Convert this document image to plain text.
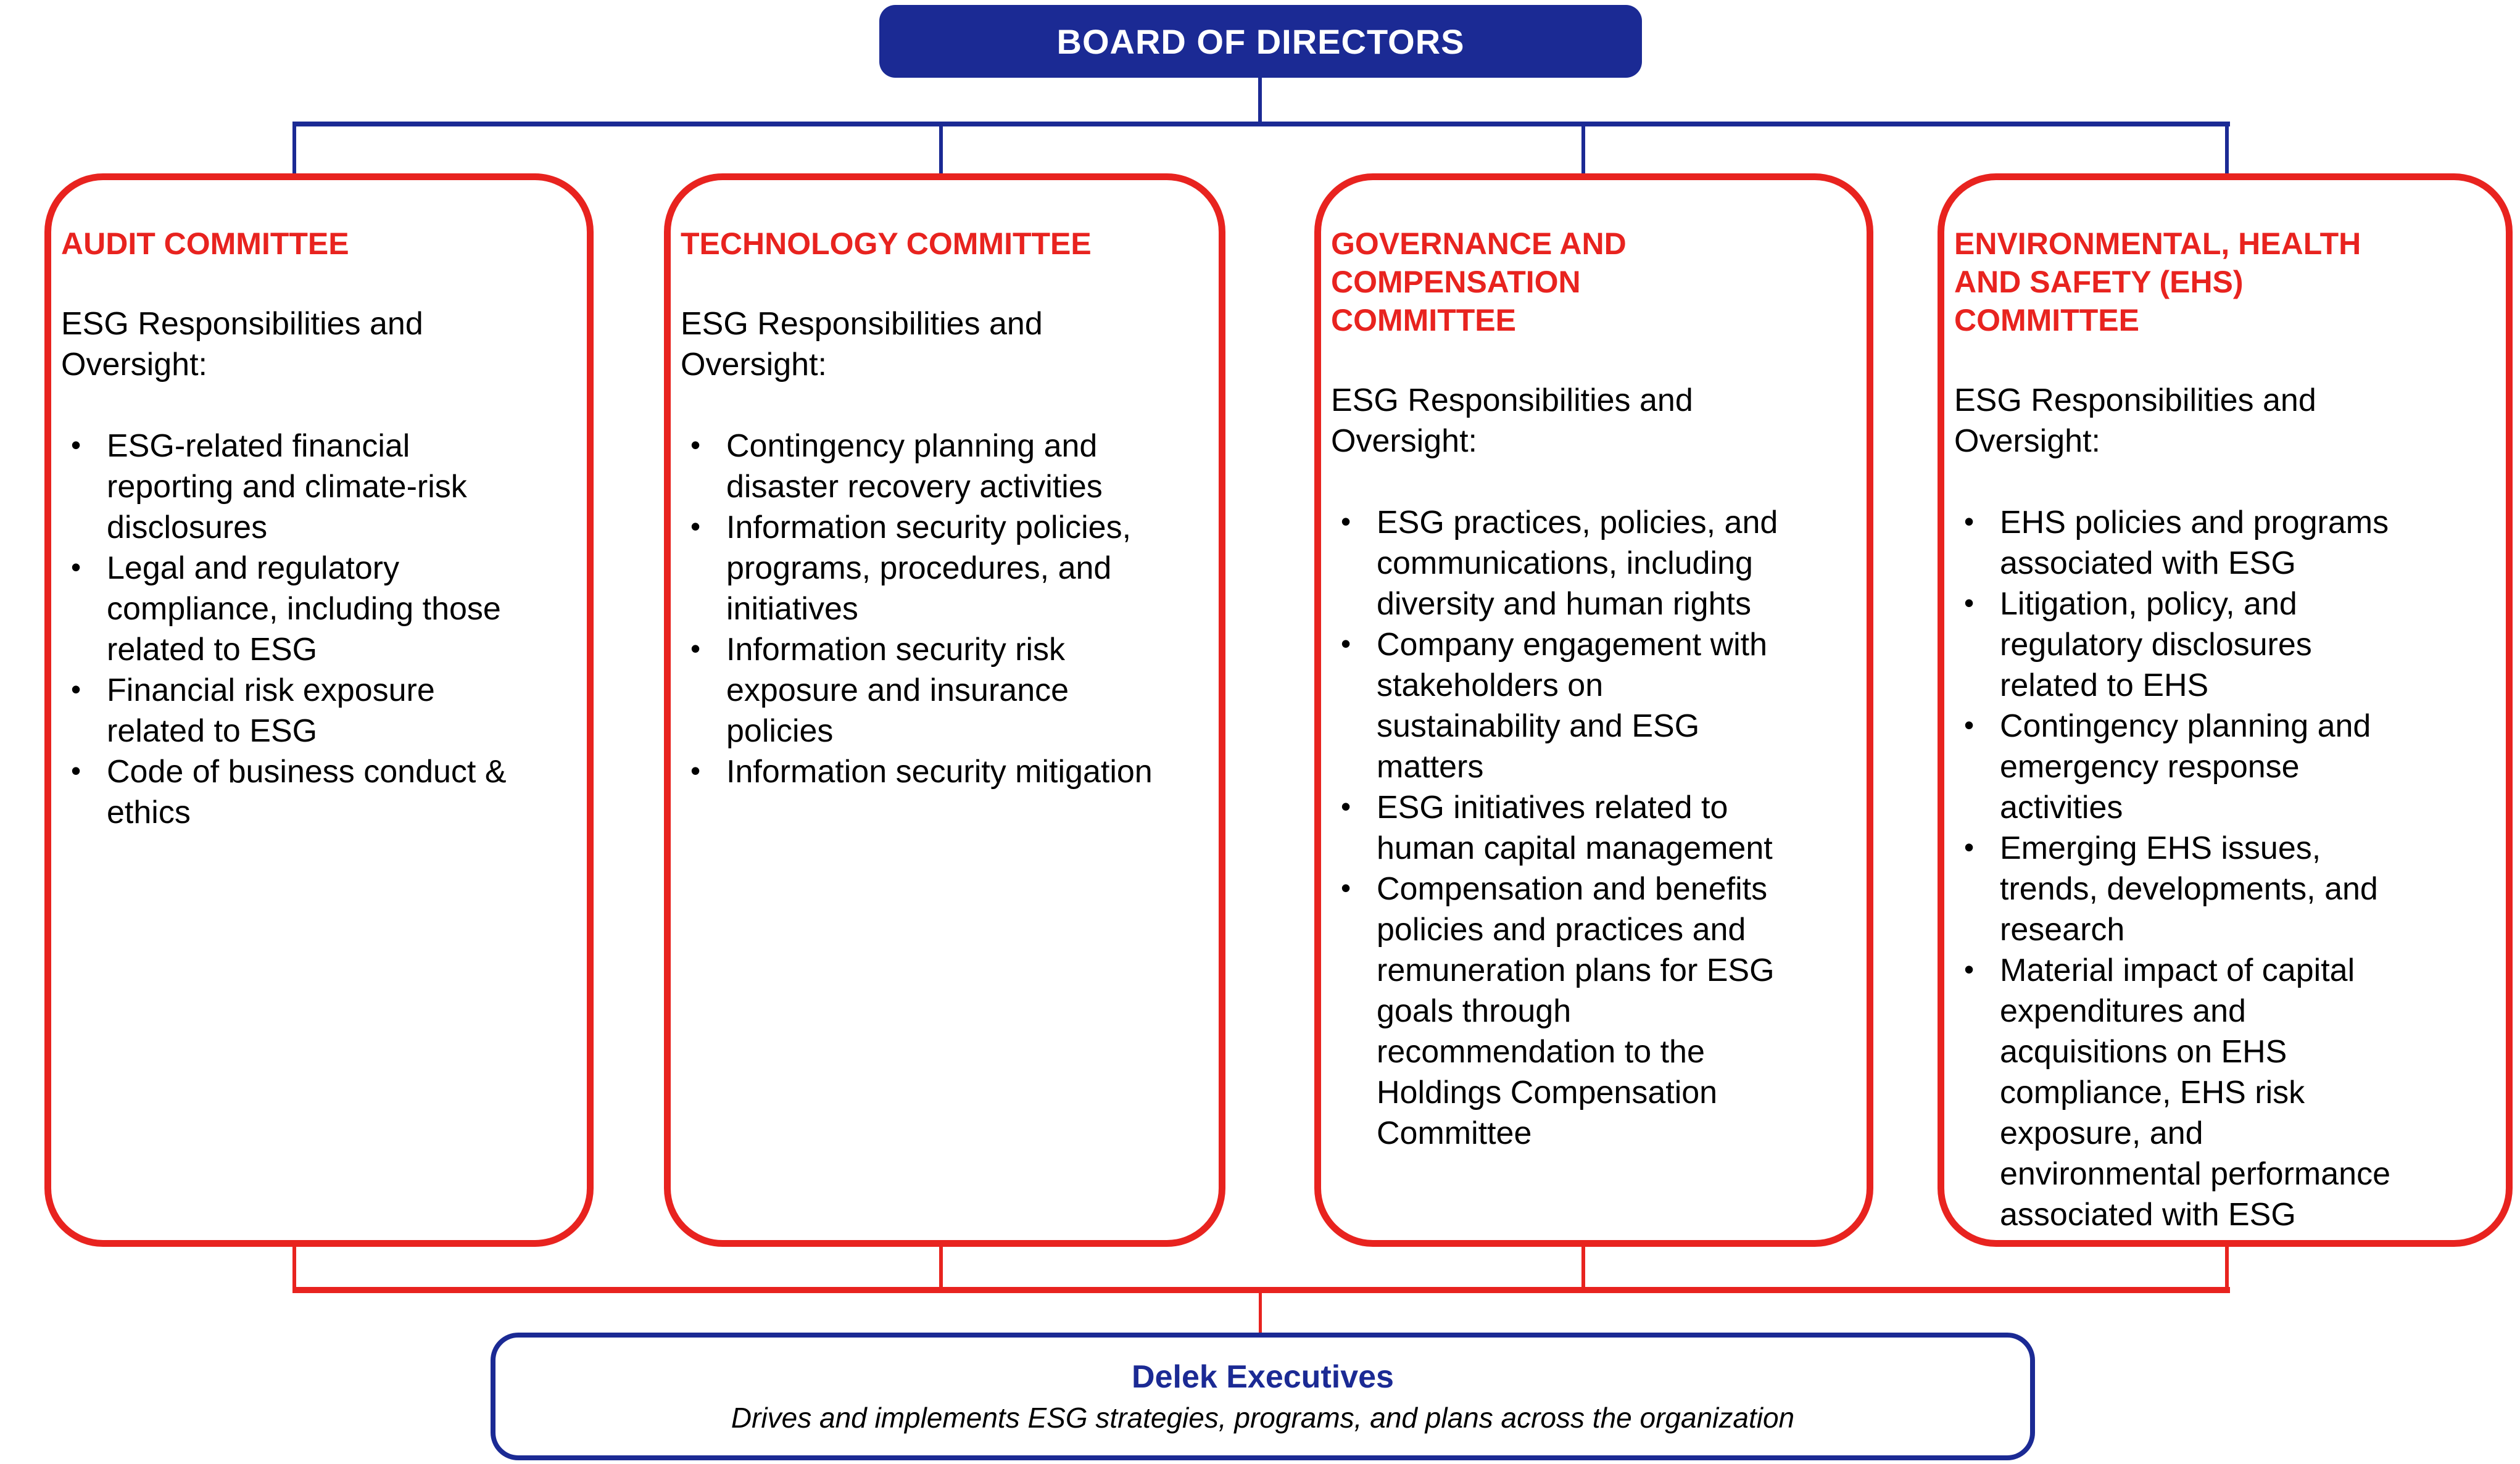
BOARD OF DIRECTORS
AUDIT COMMITTEE

ESG Responsibilities and Oversight:

• ESG-related financial reporting and climate-risk disclosures
• Legal and regulatory compliance, including those related to ESG
• Financial risk exposure related to ESG
• Code of business conduct & ethics
TECHNOLOGY COMMITTEE

ESG Responsibilities and Oversight:

• Contingency planning and disaster recovery activities
• Information security policies, programs, procedures, and initiatives
• Information security risk exposure and insurance policies
• Information security mitigation
GOVERNANCE AND COMPENSATION COMMITTEE

ESG Responsibilities and Oversight:

• ESG practices, policies, and communications, including diversity and human rights
• Company engagement with stakeholders on sustainability and ESG matters
• ESG initiatives related to human capital management
• Compensation and benefits policies and practices and remuneration plans for ESG goals through recommendation to the Holdings Compensation Committee
ENVIRONMENTAL, HEALTH AND SAFETY (EHS) COMMITTEE

ESG Responsibilities and Oversight:

• EHS policies and programs associated with ESG
• Litigation, policy, and regulatory disclosures related to EHS
• Contingency planning and emergency response activities
• Emerging EHS issues, trends, developments, and research
• Material impact of capital expenditures and acquisitions on EHS compliance, EHS risk exposure, and environmental performance associated with ESG
Delek Executives
Drives and implements ESG strategies, programs, and plans across the organization
